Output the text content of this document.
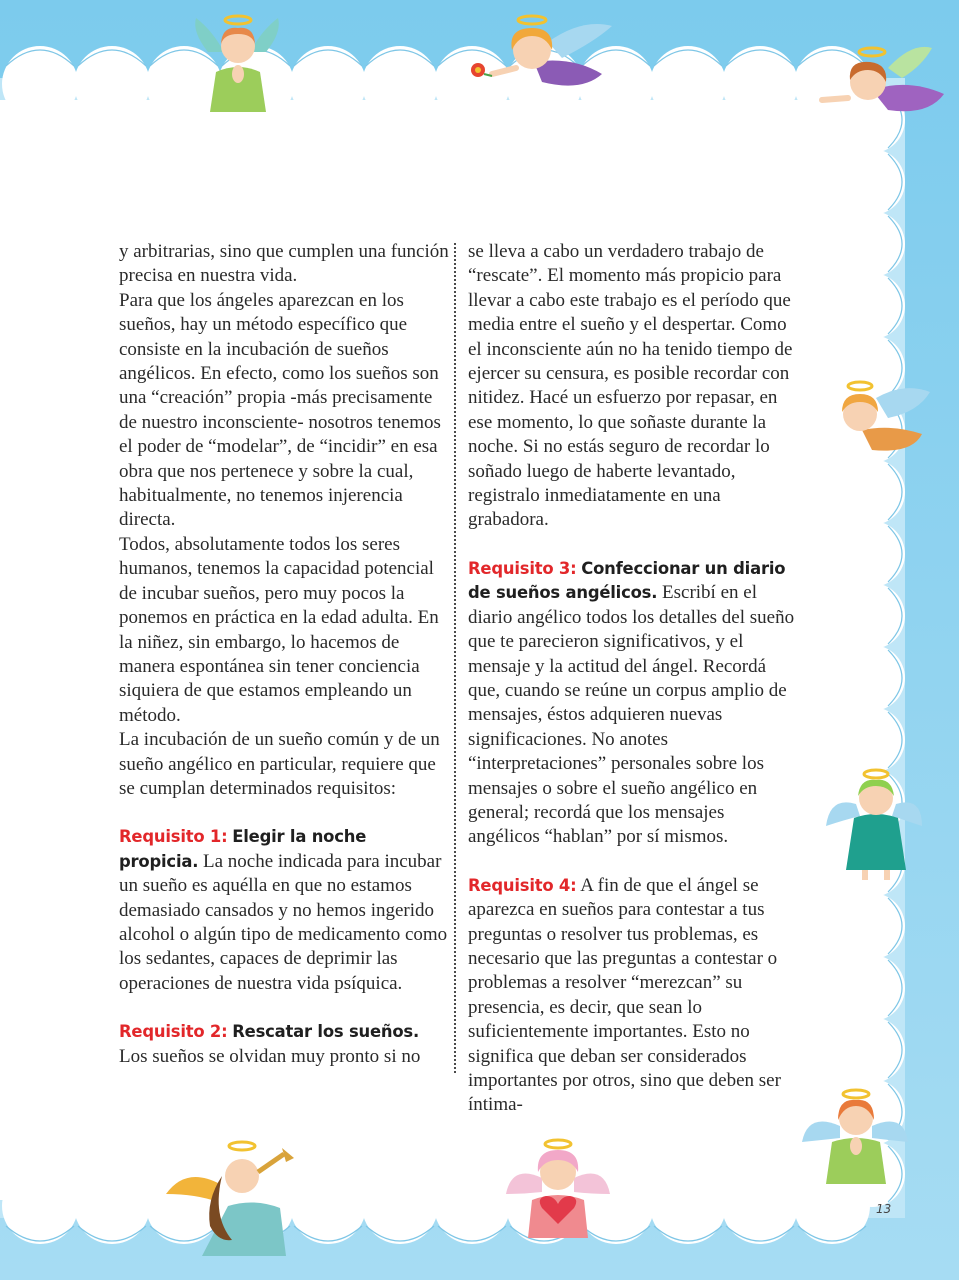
y arbitrarias, sino que cumplen una función precisa en nuestra vida.

Para que los ángeles aparezcan en los sueños, hay un método específico que consiste en la incubación de sueños angélicos. En efecto, como los sueños son una “creación” propia -más precisamente de nuestro inconsciente- nosotros tenemos el poder de “modelar”, de “incidir” en esa obra que nos pertenece y sobre la cual, habitualmente, no tenemos injerencia directa.

Todos, absolutamente todos los seres humanos, tenemos la capacidad potencial de incubar sueños, pero muy pocos la ponemos en práctica en la edad adulta. En la niñez, sin embargo, lo hacemos de manera espontánea sin tener conciencia siquiera de que estamos empleando un método.

La incubación de un sueño común y de un sueño angélico en particular, requiere que se cumplan determinados requisitos:

Requisito 1: Elegir la noche propicia. La noche indicada para incubar un sueño es aquélla en que no estamos demasiado cansados y no hemos ingerido alcohol o algún tipo de medicamento como los sedantes, capaces de deprimir las operaciones de nuestra vida psíquica.

Requisito 2: Rescatar los sueños. Los sueños se olvidan muy pronto si no

se lleva a cabo un verdadero trabajo de “rescate”. El momento más propicio para llevar a cabo este trabajo es el período que media entre el sueño y el despertar. Como el inconsciente aún no ha tenido tiempo de ejercer su censura, es posible recordar con nitidez. Hacé un esfuerzo por repasar, en ese momento, lo que soñaste durante la noche. Si no estás seguro de recordar lo soñado luego de haberte levantado, registralo inmediatamente en una grabadora.

Requisito 3: Confeccionar un diario de sueños angélicos. Escribí en el diario angélico todos los detalles del sueño que te parecieron significativos, y el mensaje y la actitud del ángel. Recordá que, cuando se reúne un corpus amplio de mensajes, éstos adquieren nuevas significaciones. No anotes “interpretaciones” personales sobre los mensajes o sobre el sueño angélico en general; recordá que los mensajes angélicos “hablan” por sí mismos.

Requisito 4: A fin de que el ángel se aparezca en sueños para contestar a tus preguntas o resolver tus problemas, es necesario que las preguntas a contestar o problemas a resolver “merezcan” su presencia, es decir, que sean lo suficientemente importantes. Esto no significa que deban ser considerados importantes por otros, sino que deben ser íntima-

13
